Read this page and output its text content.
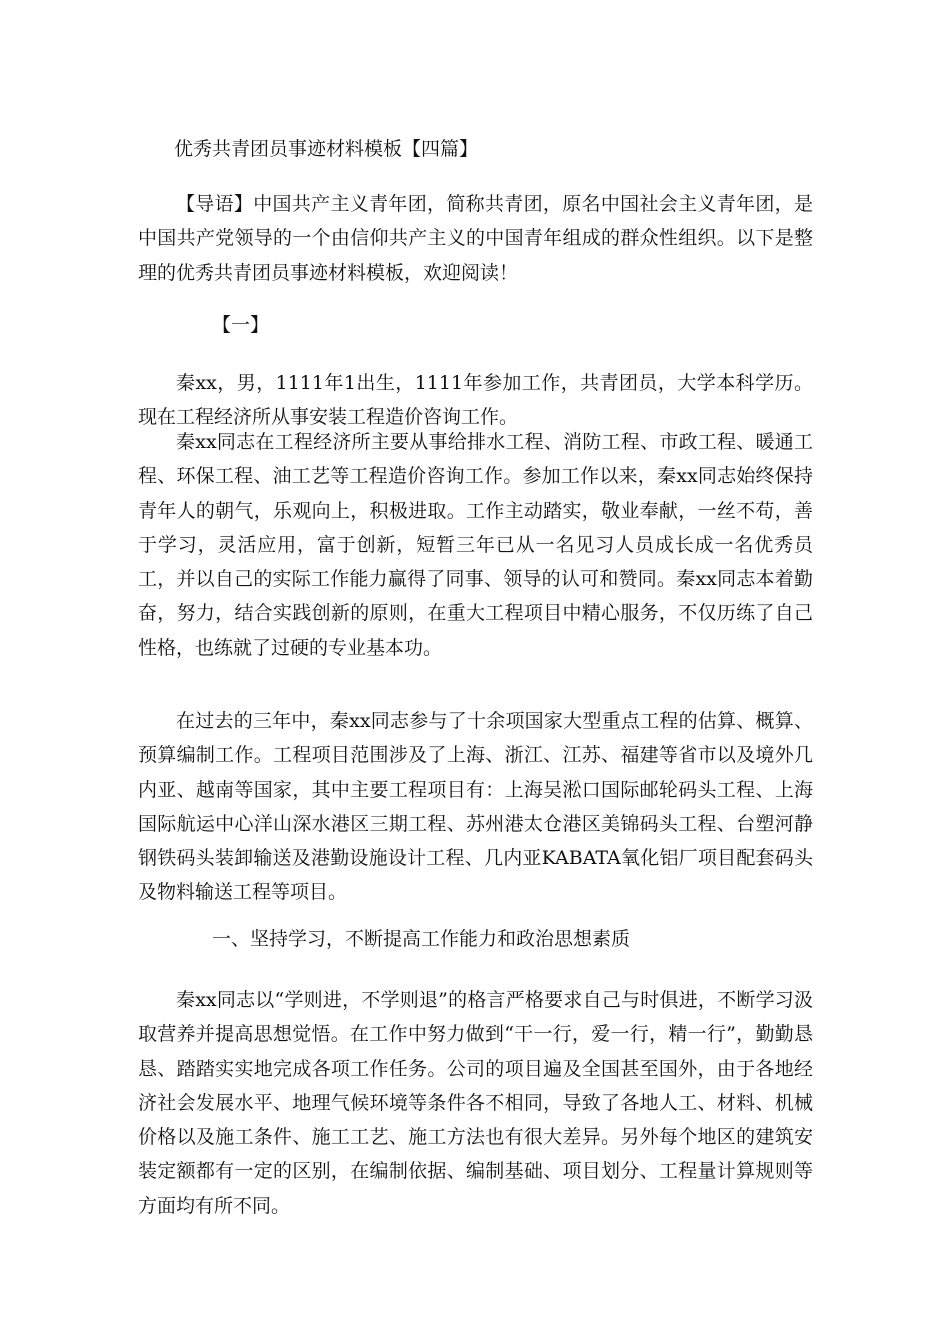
优秀共青团员事迹材料模板【四篇】

【导语】中国共产主义青年团，简称共青团，原名中国社会主义青年团，是中国共产党领导的一个由信仰共产主义的中国青年组成的群众性组织。以下是整理的优秀共青团员事迹材料模板，欢迎阅读！

【一】

秦xx，男，1111年1出生，1111年参加工作，共青团员，大学本科学历。现在工程经济所从事安装工程造价咨询工作。

秦xx同志在工程经济所主要从事给排水工程、消防工程、市政工程、暖通工程、环保工程、油工艺等工程造价咨询工作。参加工作以来，秦xx同志始终保持青年人的朝气，乐观向上，积极进取。工作主动踏实，敬业奉献，一丝不苟，善于学习，灵活应用，富于创新，短暂三年已从一名见习人员成长成一名优秀员工，并以自己的实际工作能力赢得了同事、领导的认可和赞同。秦xx同志本着勤奋，努力，结合实践创新的原则，在重大工程项目中精心服务，不仅历练了自己性格，也练就了过硬的专业基本功。

在过去的三年中，秦xx同志参与了十余项国家大型重点工程的估算、概算、预算编制工作。工程项目范围涉及了上海、浙江、江苏、福建等省市以及境外几内亚、越南等国家，其中主要工程项目有：上海吴淞口国际邮轮码头工程、上海国际航运中心洋山深水港区三期工程、苏州港太仓港区美锦码头工程、台塑河静钢铁码头装卸输送及港勤设施设计工程、几内亚KABATA氧化铝厂项目配套码头及物料输送工程等项目。

一、坚持学习，不断提高工作能力和政治思想素质

秦xx同志以“学则进，不学则退”的格言严格要求自己与时俱进，不断学习汲取营养并提高思想觉悟。在工作中努力做到“干一行，爱一行，精一行”，勤勤恳恳、踏踏实实地完成各项工作任务。公司的项目遍及全国甚至国外，由于各地经济社会发展水平、地理气候环境等条件各不相同，导致了各地人工、材料、机械价格以及施工条件、施工工艺、施工方法也有很大差异。另外每个地区的建筑安装定额都有一定的区别，在编制依据、编制基础、项目划分、工程量计算规则等方面均有所不同。
